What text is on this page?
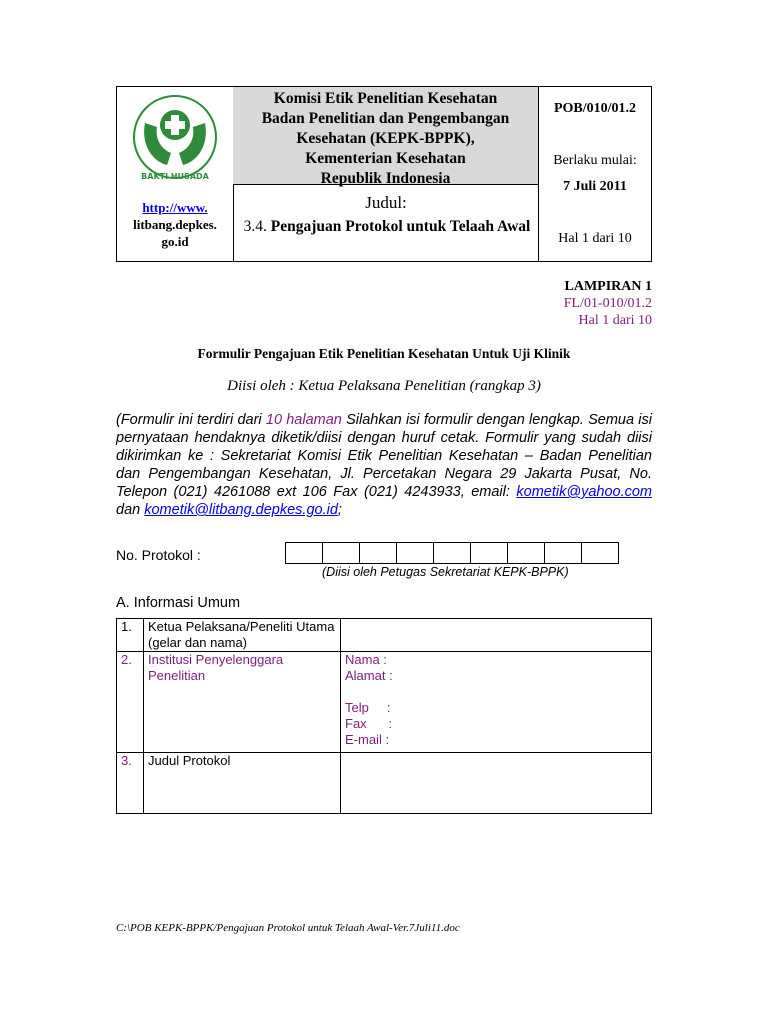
BAKTI HUSADA
http://www.
litbang.depkes.
go.id
Komisi Etik Penelitian Kesehatan
Badan Penelitian dan Pengembangan
Kesehatan (KEPK-BPPK),
Kementerian Kesehatan
Republik Indonesia
Judul:
3.4. Pengajuan Protokol untuk Telaah Awal
POB/010/01.2
Berlaku mulai:
7 Juli 2011
Hal 1 dari 10
LAMPIRAN 1
FL/01-010/01.2
Hal 1 dari 10
Formulir Pengajuan Etik Penelitian Kesehatan Untuk Uji Klinik
Diisi oleh : Ketua Pelaksana Penelitian (rangkap 3)
(Formulir ini terdiri dari 10 halaman Silahkan isi formulir dengan lengkap. Semua isi pernyataan hendaknya diketik/diisi dengan huruf cetak. Formulir yang sudah diisi dikirimkan ke : Sekretariat Komisi Etik Penelitian Kesehatan – Badan Penelitian dan Pengembangan Kesehatan, Jl. Percetakan Negara 29 Jakarta Pusat, No. Telepon (021) 4261088 ext 106 Fax (021) 4243933, email: kometik@yahoo.com dan kometik@litbang.depkes.go.id;
No. Protokol :
(Diisi oleh Petugas Sekretariat KEPK-BPPK)
A. Informasi Umum
1.	Ketua Pelaksana/Peneliti Utama (gelar dan nama)	
2.	Institusi Penyelenggara Penelitian	Nama :
Alamat :
Telp     :
Fax      :
E-mail :

3.	Judul Protokol	
C:\POB KEPK-BPPK/Pengajuan Protokol untuk Telaah Awal-Ver.7Juli11.doc
